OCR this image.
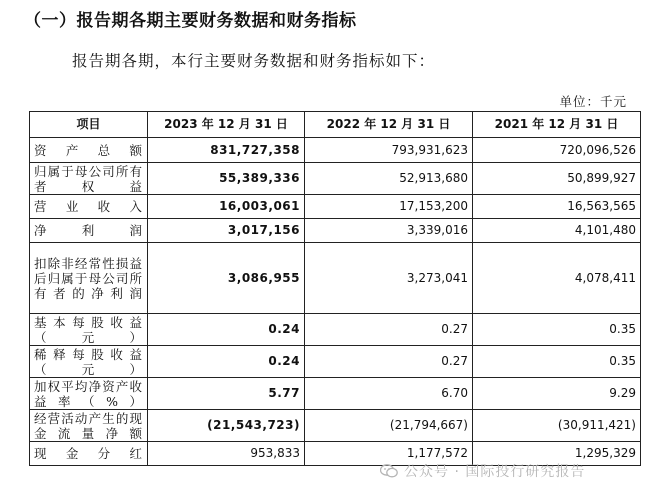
（一）报告期各期主要财务数据和财务指标
报告期各期，本行主要财务数据和财务指标如下：
单位：千元
项目	2023 年 12 月 31 日	2022 年 12 月 31 日	2021 年 12 月 31 日
资产总额	831,727,358	793,931,623	720,096,526
归属于母公司所有者权益	55,389,336	52,913,680	50,899,927
营业收入	16,003,061	17,153,200	16,563,565
净利润	3,017,156	3,339,016	4,101,480
扣除非经常性损益后归属于母公司所有者的净利润	3,086,955	3,273,041	4,078,411
基本每股收益（元）	0.24	0.27	0.35
稀释每股收益（元）	0.24	0.27	0.35
加权平均净资产收益率（%）	5.77	6.70	9.29
经营活动产生的现金流量净额	(21,543,723)	(21,794,667)	(30,911,421)
现金分红	953,833	1,177,572	1,295,329
公众号 · 国际投行研究报告
